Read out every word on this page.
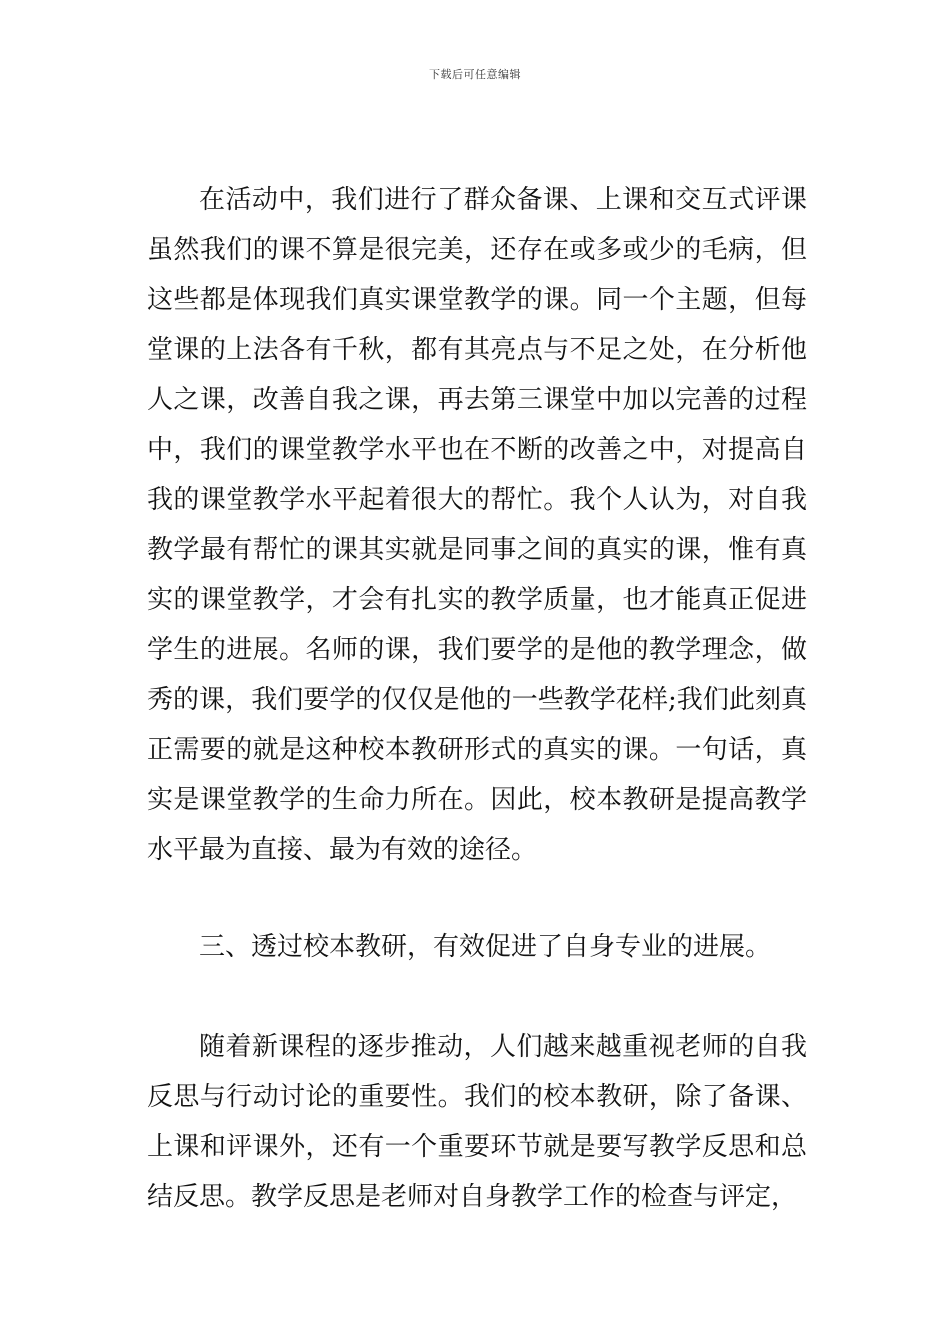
下载后可任意编辑

在活动中，我们进行了群众备课、上课和交互式评课虽然我们的课不算是很完美，还存在或多或少的毛病，但这些都是体现我们真实课堂教学的课。同一个主题，但每堂课的上法各有千秋，都有其亮点与不足之处，在分析他人之课，改善自我之课，再去第三课堂中加以完善的过程中，我们的课堂教学水平也在不断的改善之中，对提高自我的课堂教学水平起着很大的帮忙。我个人认为，对自我教学最有帮忙的课其实就是同事之间的真实的课，惟有真实的课堂教学，才会有扎实的教学质量，也才能真正促进学生的进展。名师的课，我们要学的是他的教学理念，做秀的课，我们要学的仅仅是他的一些教学花样;我们此刻真正需要的就是这种校本教研形式的真实的课。一句话，真实是课堂教学的生命力所在。因此，校本教研是提高教学水平最为直接、最为有效的途径。

三、透过校本教研，有效促进了自身专业的进展。

随着新课程的逐步推动，人们越来越重视老师的自我反思与行动讨论的重要性。我们的校本教研，除了备课、上课和评课外，还有一个重要环节就是要写教学反思和总结反思。教学反思是老师对自身教学工作的检查与评定，
